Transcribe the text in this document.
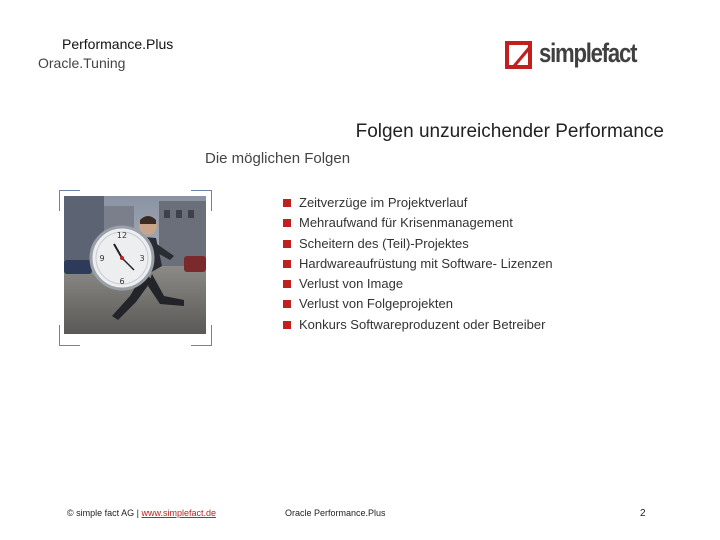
Performance.Plus
Oracle.Tuning	simplefact
Folgen unzureichender Performance
Die möglichen Folgen
12
3
6
9
Zeitverzüge im Projektverlauf
Mehraufwand für Krisenmanagement
Scheitern des (Teil)-Projektes
Hardwareaufrüstung mit Software- Lizenzen
Verlust von Image
Verlust von Folgeprojekten
Konkurs Softwareproduzent oder Betreiber
© simple fact AG | www.simplefact.de	Oracle Performance.Plus	2
